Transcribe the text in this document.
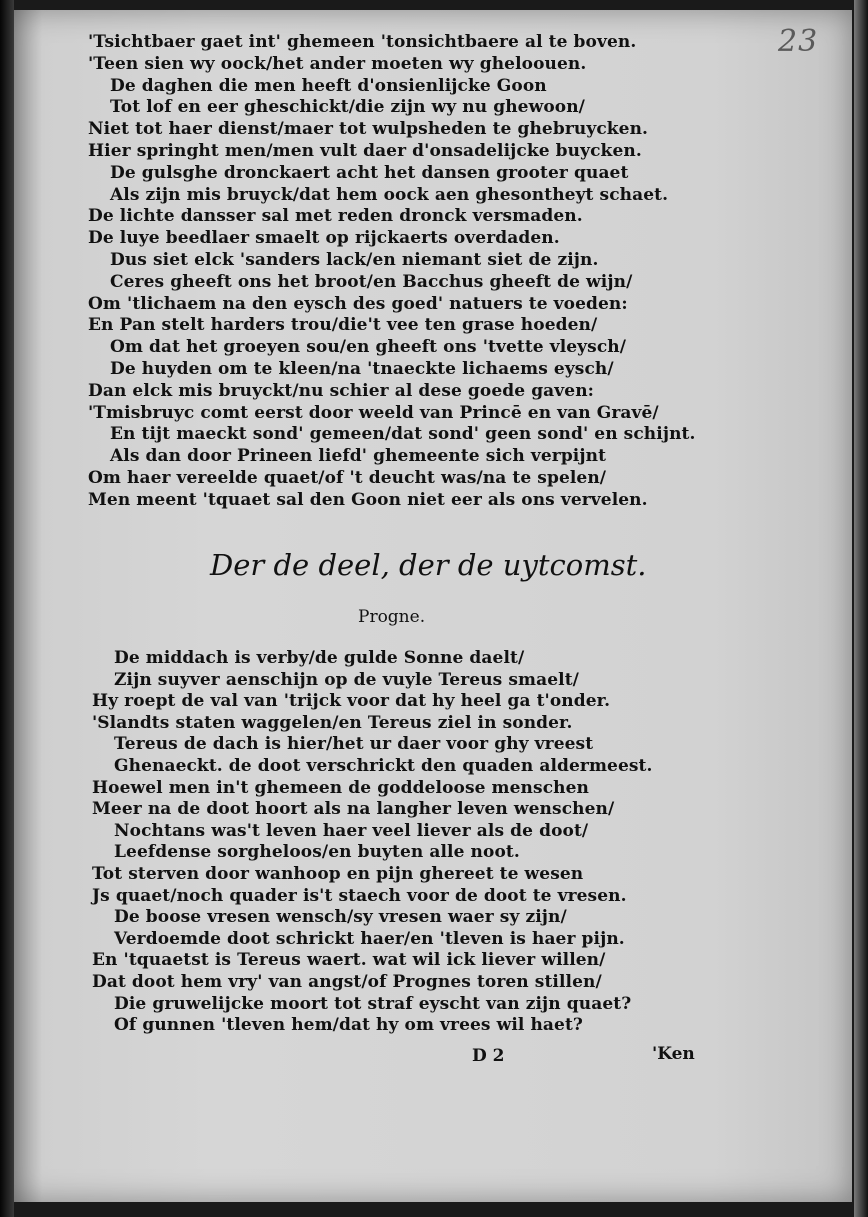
23
'Tsichtbaer gaet int' ghemeen 'tonsichtbaere al te boven.
'Teen sien wy oock/het ander moeten wy gheloouen.
De daghen die men heeft d'onsienlijcke Goon
Tot lof en eer gheschickt/die zijn wy nu ghewoon/
Niet tot haer dienst/maer tot wulpsheden te ghebruycken.
Hier springht men/men vult daer d'onsadelijcke buycken.
De gulsghe dronckaert acht het dansen grooter quaet
Als zijn mis bruyck/dat hem oock aen ghesontheyt schaet.
De lichte dansser sal met reden dronck versmaden.
De luye beedlaer smaelt op rijckaerts overdaden.
Dus siet elck 'sanders lack/en niemant siet de zijn.
Ceres gheeft ons het broot/en Bacchus gheeft de wijn/
Om 'tlichaem na den eysch des goed' natuers te voeden:
En Pan stelt harders trou/die't vee ten grase hoeden/
Om dat het groeyen sou/en gheeft ons 'tvette vleysch/
De huyden om te kleen/na 'tnaeckte lichaems eysch/
Dan elck mis bruyckt/nu schier al dese goede gaven:
'Tmisbruyc comt eerst door weeld van Princē en van Gravē/
En tijt maeckt sond' gemeen/dat sond' geen sond' en schijnt.
Als dan door Prineen liefd' ghemeente sich verpijnt
Om haer vereelde quaet/of 't deucht was/na te spelen/
Men meent 'tquaet sal den Goon niet eer als ons vervelen.
Der de deel, der de uytcomst.
Progne.
De middach is verby/de gulde Sonne daelt/
Zijn suyver aenschijn op de vuyle Tereus smaelt/
Hy roept de val van 'trijck voor dat hy heel ga t'onder.
'Slandts staten waggelen/en Tereus ziel in sonder.
Tereus de dach is hier/het ur daer voor ghy vreest
Ghenaeckt. de doot verschrickt den quaden aldermeest.
Hoewel men in't ghemeen de goddeloose menschen
Meer na de doot hoort als na langher leven wenschen/
Nochtans was't leven haer veel liever als de doot/
Leefdense sorgheloos/en buyten alle noot.
Tot sterven door wanhoop en pijn ghereet te wesen
Js quaet/noch quader is't staech voor de doot te vresen.
De boose vresen wensch/sy vresen waer sy zijn/
Verdoemde doot schrickt haer/en 'tleven is haer pijn.
En 'tquaetst is Tereus waert. wat wil ick liever willen/
Dat doot hem vry' van angst/of Prognes toren stillen/
Die gruwelijcke moort tot straf eyscht van zijn quaet?
Of gunnen 'tleven hem/dat hy om vrees wil haet?
D 2	'Ken
